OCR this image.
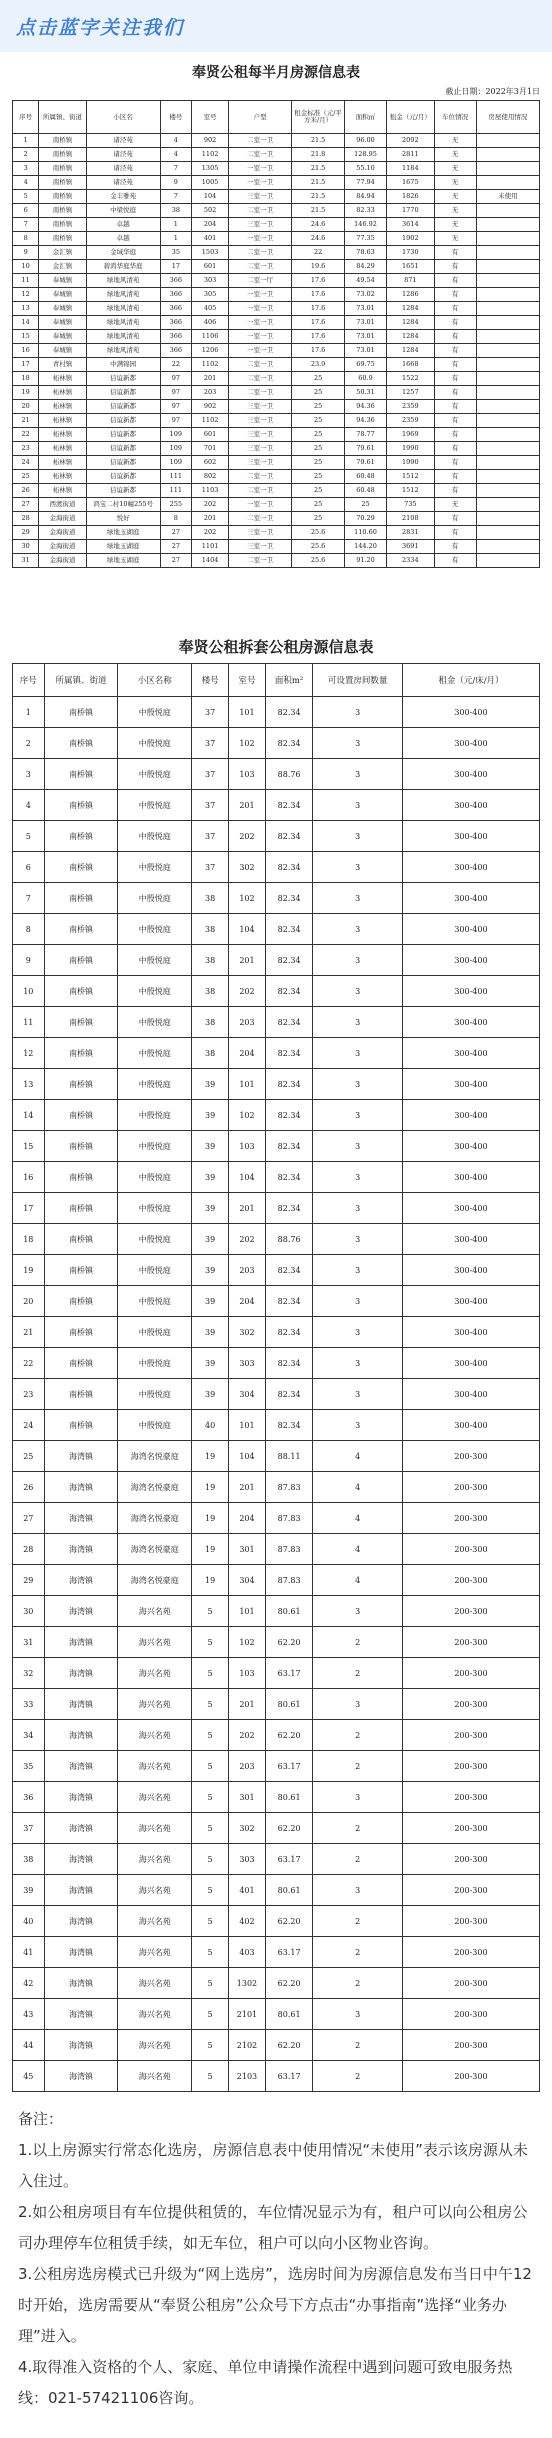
点击蓝字关注我们
奉贤公租每半月房源信息表
截止日期：2022年3月1日
序号	所属镇、街道	小区名	楼号	室号	户型	租金标准（元/平方米/月）	面积㎡	租金（元/月）	车位情况	房屋使用情况
1	南桥镇	诸泾苑	4	902	二室一卫	21.5	96.00	2092	无	
2	南桥镇	诸泾苑	4	1102	二室一卫	21.8	128.95	2811	无	
3	南桥镇	诸泾苑	7	1305	一室一卫	21.5	55.10	1184	无	
4	南桥镇	诸泾苑	9	1005	一室一卫	21.5	77.94	1675	无	
5	南桥镇	金丰雅苑	7	104	三室一卫	21.5	84.94	1826	无	未使用
6	南桥镇	中梁悦庭	38	502	二室一卫	21.5	82.33	1770	无	
7	南桥镇	卓越	1	204	三室一卫	24.6	146.92	3614	无	
8	南桥镇	卓越	1	401	一室一卫	24.6	77.35	1902	无	
9	金汇镇	金域华庭	35	1503	二室一卫	22	78.63	1730	有	
10	金汇镇	碧鸿华庭华庭	17	601	二室一卫	19.6	84.29	1651	有	
11	奉城镇	绿地风清苑	366	303	二室一厅	17.6	49.54	871	有	
12	奉城镇	绿地风清苑	366	305	一室一卫	17.6	73.02	1286	有	
13	奉城镇	绿地风清苑	366	405	一室一卫	17.6	73.01	1284	有	
14	奉城镇	绿地风清苑	366	406	一室一卫	17.6	73.01	1284	有	
15	奉城镇	绿地风清苑	366	1106	一室一卫	17.6	73.01	1284	有	
16	奉城镇	绿地风清苑	366	1206	一室一卫	17.6	73.01	1284	有	
17	青村镇	中满锦园	22	1102	二室一卫	23.9	69.75	1668	有	
18	柘林镇	信谊新都	97	201	二室一卫	25	60.9	1522	有	
19	柘林镇	信谊新都	97	203	二室一卫	25	50.31	1257	有	
20	柘林镇	信谊新都	97	902	三室一卫	25	94.36	2359	有	
21	柘林镇	信谊新都	97	1102	三室一卫	25	94.36	2359	有	
22	柘林镇	信谊新都	109	601	三室一卫	25	78.77	1969	有	
23	柘林镇	信谊新都	109	701	三室一卫	25	79.61	1990	有	
24	柘林镇	信谊新都	109	602	三室一卫	25	79.61	1990	有	
25	柘林镇	信谊新都	111	802	二室一卫	25	60.48	1512	有	
26	柘林镇	信谊新都	111	1103	二室一卫	25	60.48	1512	有	
27	西渡街道	鸿宝二村10幢255号	255	202	一室一卫	25	25	735	无	
28	金海街道	悦好	8	201	二室一卫	25	70.29	2108	有	
29	金海街道	绿地玉湖庭	27	202	三室一卫	25.6	110.60	2831	有	
30	金海街道	绿地玉湖庭	27	1101	三室一卫	25.6	144.20	3691	有	
31	金海街道	绿地玉湖庭	27	1404	二室一卫	25.6	91.20	2334	有	
奉贤公租拆套公租房源信息表
序号	所属镇、街道	小区名称	楼号	室号	面积m²	可设置房间数量	租金（元/床/月）
1	南桥镇	中殷悦庭	37	101	82.34	3	300-400
2	南桥镇	中殷悦庭	37	102	82.34	3	300-400
3	南桥镇	中殷悦庭	37	103	88.76	3	300-400
4	南桥镇	中殷悦庭	37	201	82.34	3	300-400
5	南桥镇	中殷悦庭	37	202	82.34	3	300-400
6	南桥镇	中殷悦庭	37	302	82.34	3	300-400
7	南桥镇	中殷悦庭	38	102	82.34	3	300-400
8	南桥镇	中殷悦庭	38	104	82.34	3	300-400
9	南桥镇	中殷悦庭	38	201	82.34	3	300-400
10	南桥镇	中殷悦庭	38	202	82.34	3	300-400
11	南桥镇	中殷悦庭	38	203	82.34	3	300-400
12	南桥镇	中殷悦庭	38	204	82.34	3	300-400
13	南桥镇	中殷悦庭	39	101	82.34	3	300-400
14	南桥镇	中殷悦庭	39	102	82.34	3	300-400
15	南桥镇	中殷悦庭	39	103	82.34	3	300-400
16	南桥镇	中殷悦庭	39	104	82.34	3	300-400
17	南桥镇	中殷悦庭	39	201	82.34	3	300-400
18	南桥镇	中殷悦庭	39	202	88.76	3	300-400
19	南桥镇	中殷悦庭	39	203	82.34	3	300-400
20	南桥镇	中殷悦庭	39	204	82.34	3	300-400
21	南桥镇	中殷悦庭	39	302	82.34	3	300-400
22	南桥镇	中殷悦庭	39	303	82.34	3	300-400
23	南桥镇	中殷悦庭	39	304	82.34	3	300-400
24	南桥镇	中殷悦庭	40	101	82.34	3	300-400
25	海湾镇	海湾名悦豪庭	19	104	88.11	4	200-300
26	海湾镇	海湾名悦豪庭	19	201	87.83	4	200-300
27	海湾镇	海湾名悦豪庭	19	204	87.83	4	200-300
28	海湾镇	海湾名悦豪庭	19	301	87.83	4	200-300
29	海湾镇	海湾名悦豪庭	19	304	87.83	4	200-300
30	海湾镇	海兴名苑	5	101	80.61	3	200-300
31	海湾镇	海兴名苑	5	102	62.20	2	200-300
32	海湾镇	海兴名苑	5	103	63.17	2	200-300
33	海湾镇	海兴名苑	5	201	80.61	3	200-300
34	海湾镇	海兴名苑	5	202	62.20	2	200-300
35	海湾镇	海兴名苑	5	203	63.17	2	200-300
36	海湾镇	海兴名苑	5	301	80.61	3	200-300
37	海湾镇	海兴名苑	5	302	62.20	2	200-300
38	海湾镇	海兴名苑	5	303	63.17	2	200-300
39	海湾镇	海兴名苑	5	401	80.61	3	200-300
40	海湾镇	海兴名苑	5	402	62.20	2	200-300
41	海湾镇	海兴名苑	5	403	63.17	2	200-300
42	海湾镇	海兴名苑	5	1302	62.20	2	200-300
43	海湾镇	海兴名苑	5	2101	80.61	3	200-300
44	海湾镇	海兴名苑	5	2102	62.20	2	200-300
45	海湾镇	海兴名苑	5	2103	63.17	2	200-300

备注：

1.以上房源实行常态化选房，房源信息表中使用情况“未使用”表示该房源从未入住过。

2.如公租房项目有车位提供租赁的，车位情况显示为有，租户可以向公租房公司办理停车位租赁手续，如无车位，租户可以向小区物业咨询。

3.公租房选房模式已升级为“网上选房”，选房时间为房源信息发布当日中午12时开始，选房需要从“奉贤公租房”公众号下方点击“办事指南”选择“业务办理”进入。

4.取得准入资格的个人、家庭、单位申请操作流程中遇到问题可致电服务热线：021-57421106咨询。
